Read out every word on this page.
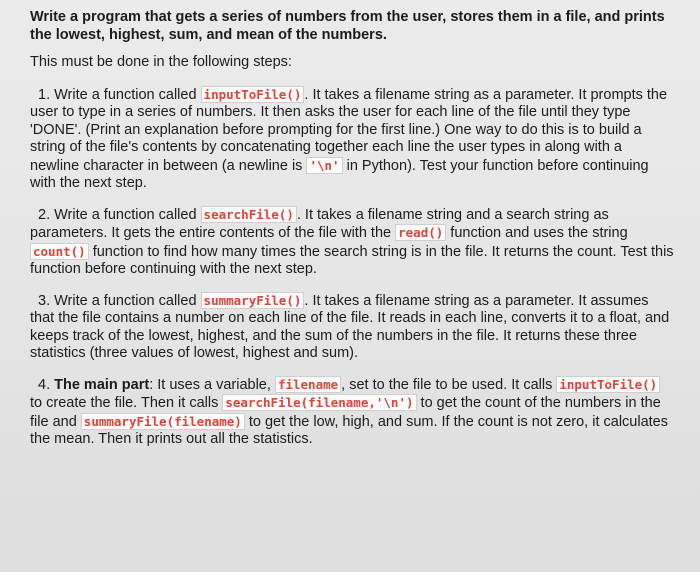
Write a program that gets a series of numbers from the user, stores them in a file, and prints the lowest, highest, sum, and mean of the numbers.

This must be done in the following steps:

1. Write a function called inputToFile() . It takes a filename string as a parameter. It prompts the user to type in a series of numbers. It then asks the user for each line of the file until they type 'DONE'. (Print an explanation before prompting for the first line.) One way to do this is to build a string of the file's contents by concatenating together each line the user types in along with a newline character in between (a newline is '\n' in Python). Test your function before continuing with the next step.

2. Write a function called searchFile() . It takes a filename string and a search string as parameters. It gets the entire contents of the file with the read() function and uses the string count() function to find how many times the search string is in the file. It returns the count. Test this function before continuing with the next step.

3. Write a function called summaryFile() . It takes a filename string as a parameter. It assumes that the file contains a number on each line of the file. It reads in each line, converts it to a float, and keeps track of the lowest, highest, and the sum of the numbers in the file. It returns these three statistics (three values of lowest, highest and sum).

4. The main part: It uses a variable, filename , set to the file to be used. It calls inputToFile() to create the file. Then it calls searchFile(filename,'\n') to get the count of the numbers in the file and summaryFile(filename) to get the low, high, and sum. If the count is not zero, it calculates the mean. Then it prints out all the statistics.
